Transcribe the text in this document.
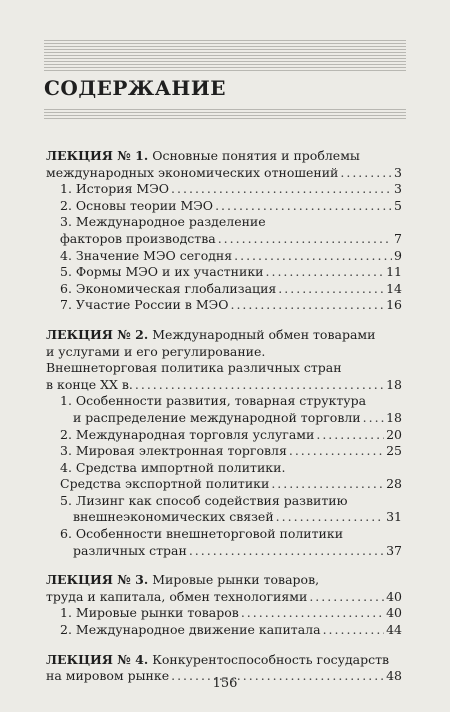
СОДЕРЖАНИЕ
ЛЕКЦИЯ № 1. Основные понятия и проблемы
международных экономических отношений .....	3
1. История МЭО .....	3
2. Основы теории МЭО .....	5
3. Международное разделение
факторов производства .....	7
4. Значение МЭО сегодня .....	9
5. Формы МЭО и их участники .....	11
6. Экономическая глобализация .....	14
7. Участие России в МЭО .....	16
ЛЕКЦИЯ № 2. Международный обмен товарами
и услугами и его регулирование.
Внешнеторговая политика различных стран
в конце XX в. .....	18
1. Особенности развития, товарная структура
и распределение международной торговли ..... 18
2. Международная торговля услугами .....	20
3. Мировая электронная торговля .....	25
4. Средства импортной политики.
Средства экспортной политики .....	28
5. Лизинг как способ содействия развитию
внешнеэкономических связей .....	31
6. Особенности внешнеторговой политики
различных стран .....	37
ЛЕКЦИЯ № 3. Мировые рынки товаров,
труда и капитала, обмен технологиями .....	40
1. Мировые рынки товаров .....	40
2. Международное движение капитала .....	44
ЛЕКЦИЯ № 4. Конкурентоспособность государств
на мировом рынке .....	48
156
